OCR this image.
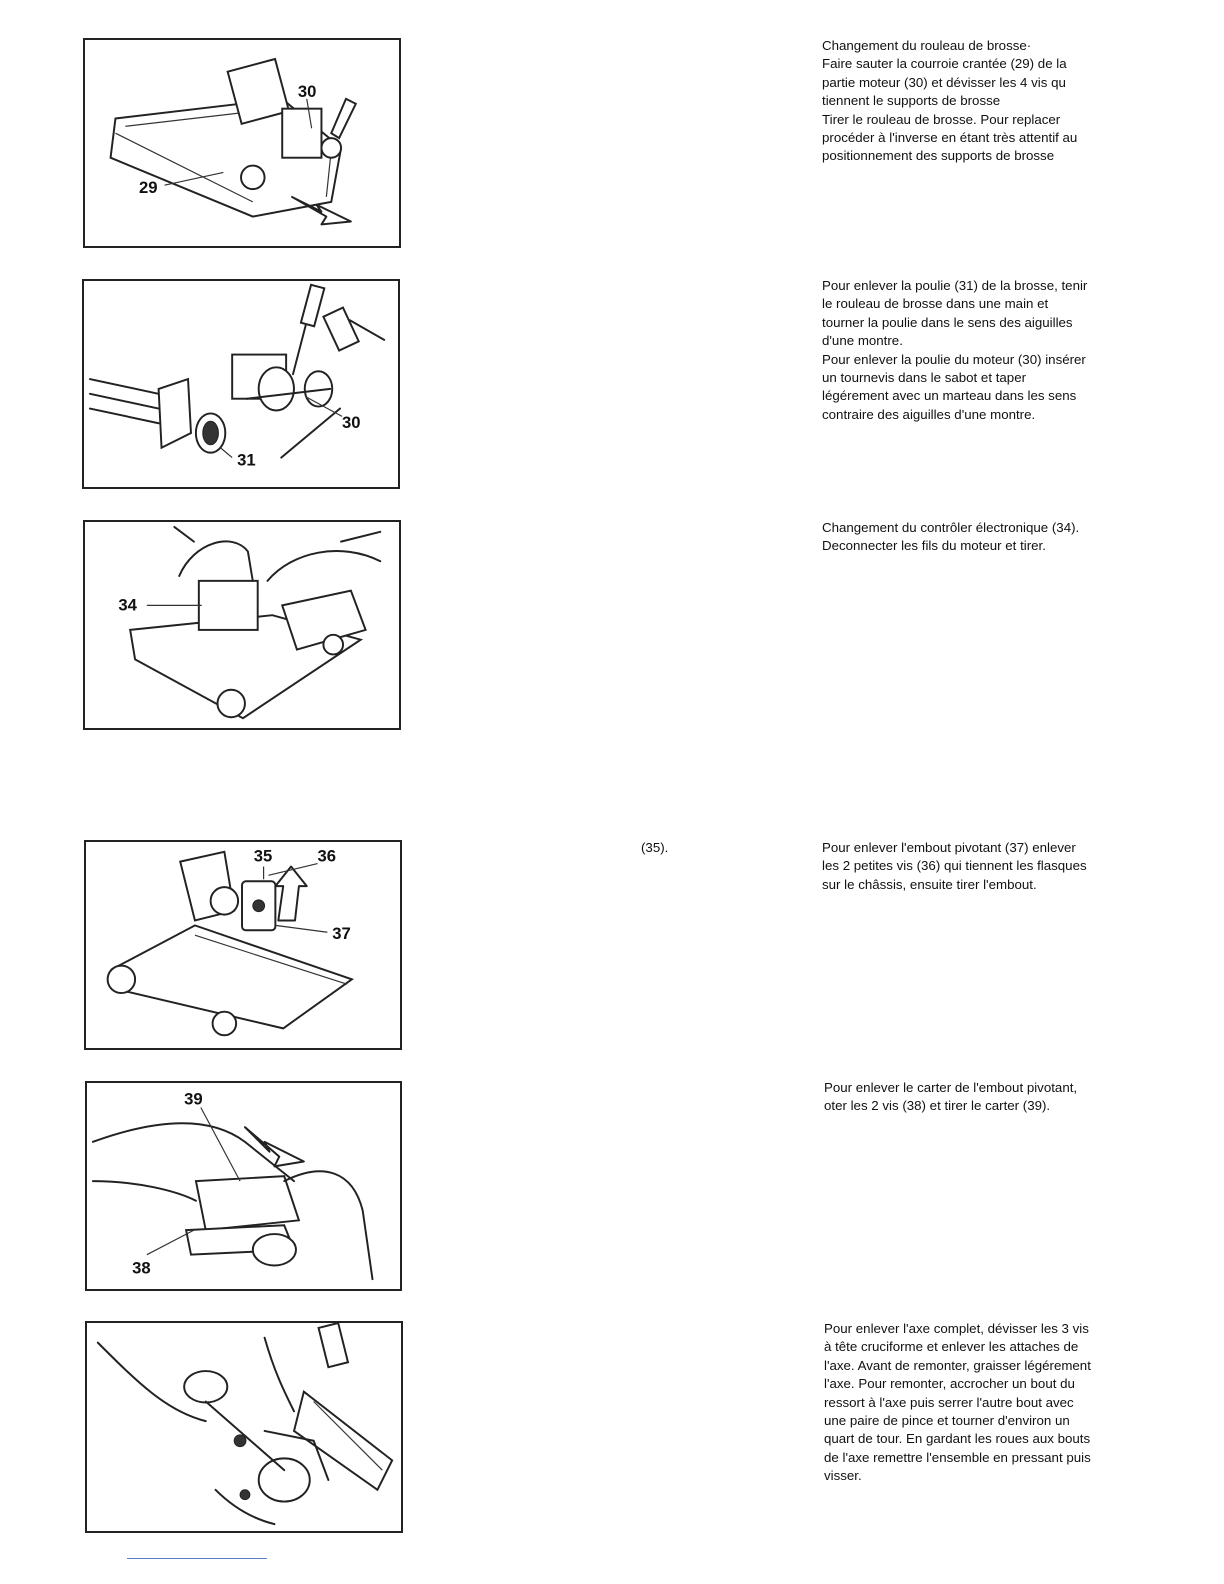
30
29

Changement du rouleau de brosse·

Faire sauter la courroie crantée (29) de la

partie moteur (30) et dévisser les 4 vis qu

tiennent le supports de brosse

Tirer le rouleau de brosse. Pour replacer

procéder à l'inverse en étant très attentif au

positionnement des supports de brosse

30
31

Pour enlever la poulie (31) de la brosse, tenir

le rouleau de brosse dans une main et

tourner la poulie dans le sens des aiguilles

d'une montre.

Pour enlever la poulie du moteur (30) insérer

un tournevis dans le sabot et taper

légérement avec un marteau dans les sens

contraire des aiguilles d'une montre.

34

Changement du contrôler électronique (34).

Deconnecter les fils du moteur et tirer.

35	36
37
(35).	Pour enlever l'embout pivotant (37) enlever

les 2 petites vis (36) qui tiennent les flasques

sur le châssis, ensuite tirer l'embout.

39
38

Pour enlever le carter de l'embout pivotant,

oter les 2 vis (38) et tirer le carter (39).

Pour enlever l'axe complet, dévisser les 3 vis

à tête cruciforme et enlever les attaches de

l'axe. Avant de remonter, graisser légérement

l'axe. Pour remonter, accrocher un bout du

ressort à l'axe puis serrer l'autre bout avec

une paire de pince et tourner d'environ un

quart de tour. En gardant les roues aux bouts

de l'axe remettre l'ensemble en pressant puis

visser.
